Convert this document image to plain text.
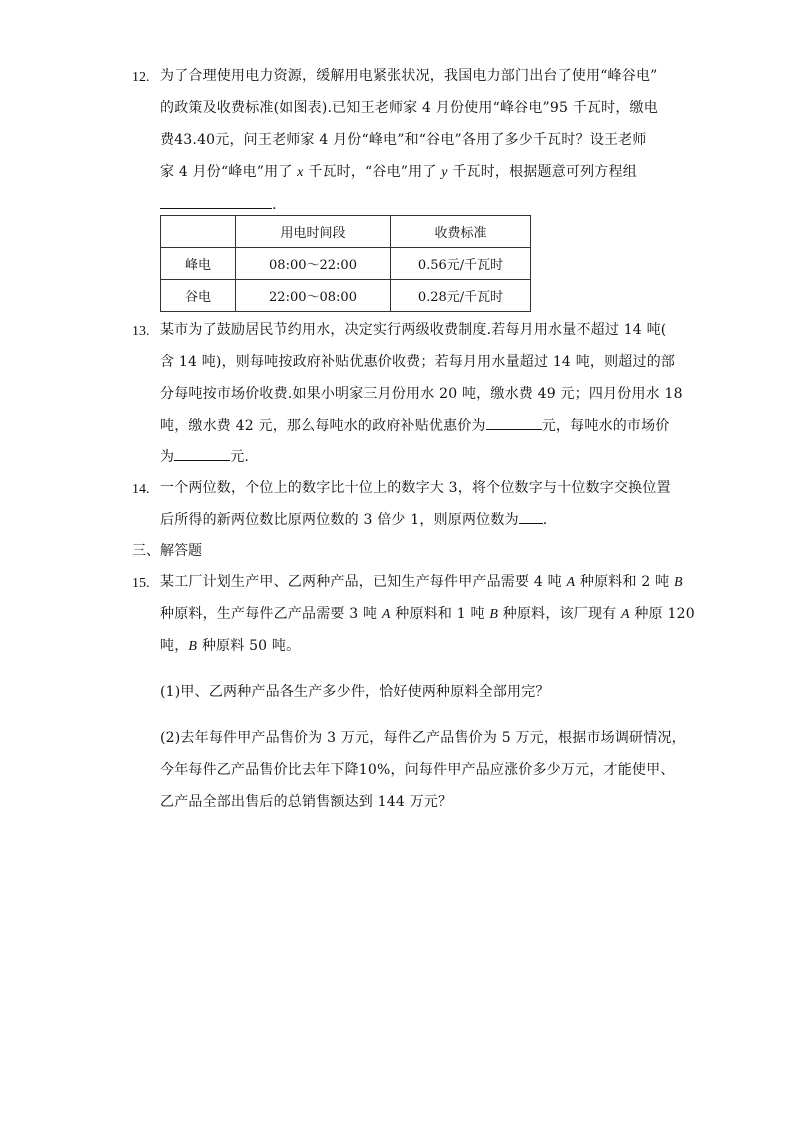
12. 为了合理使用电力资源，缓解用电紧张状况，我国电力部门出台了使用“峰谷电”
的政策及收费标准(如图表).已知王老师家 4 月份使用“峰谷电”95 千瓦时，缴电
费43.40元，问王老师家 4 月份“峰电”和“谷电”各用了多少千瓦时？设王老师
家 4 月份“峰电”用了 x 千瓦时，“谷电”用了 y 千瓦时，根据题意可列方程组
.
	用电时间段	收费标准
峰电	08:00～22:00	0.56元/千瓦时
谷电	22:00～08:00	0.28元/千瓦时
13. 某市为了鼓励居民节约用水，决定实行两级收费制度.若每月用水量不超过 14 吨(
含 14 吨)，则每吨按政府补贴优惠价收费；若每月用水量超过 14 吨，则超过的部
分每吨按市场价收费.如果小明家三月份用水 20 吨，缴水费 49 元；四月份用水 18
吨，缴水费 42 元，那么每吨水的政府补贴优惠价为	元，每吨水的市场价
为	元.
14. 一个两位数，个位上的数字比十位上的数字大 3，将个位数字与十位数字交换位置
后所得的新两位数比原两位数的 3 倍少 1，则原两位数为 .
三、解答题
15. 某工厂计划生产甲、乙两种产品，已知生产每件甲产品需要 4 吨 A 种原料和 2 吨 B
种原料，生产每件乙产品需要 3 吨 A 种原料和 1 吨 B 种原料，该厂现有 A 种原 120
吨，B 种原料 50 吨。
(1)甲、乙两种产品各生产多少件，恰好使两种原料全部用完？
(2)去年每件甲产品售价为 3 万元，每件乙产品售价为 5 万元，根据市场调研情况，
今年每件乙产品售价比去年下降10%，问每件甲产品应涨价多少万元，才能使甲、
乙产品全部出售后的总销售额达到 144 万元？
